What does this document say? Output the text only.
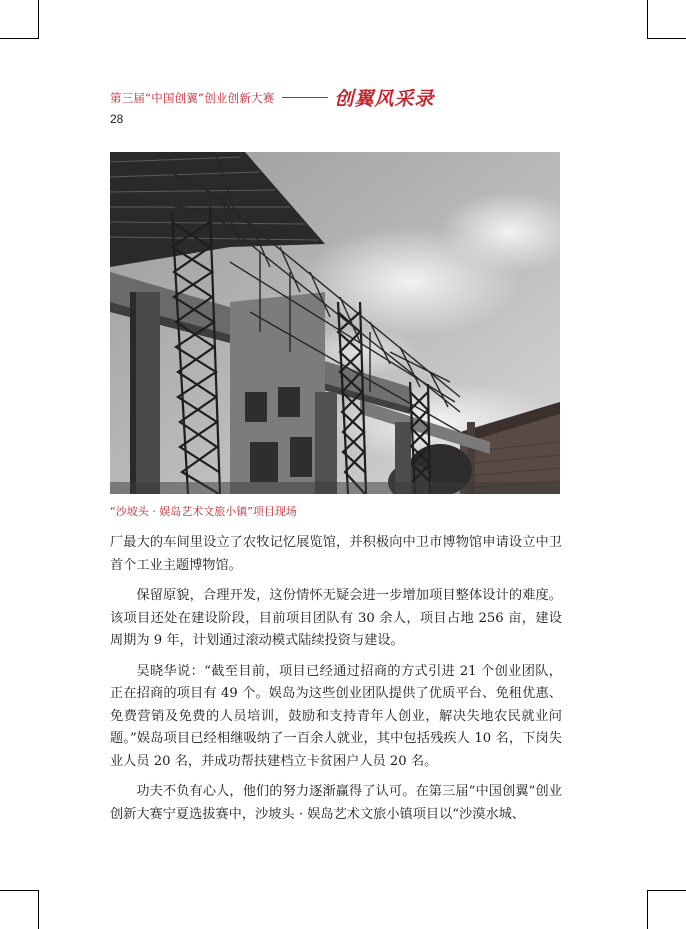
第三届“中国创翼”创业创新大赛	创翼风采录
28
“沙坡头 · 娱岛艺术文旅小镇”项目现场

厂最大的车间里设立了农牧记忆展览馆，并积极向中卫市博物馆申请设立中卫首个工业主题博物馆。

保留原貌，合理开发，这份情怀无疑会进一步增加项目整体设计的难度。该项目还处在建设阶段，目前项目团队有 30 余人，项目占地 256 亩，建设周期为 9 年，计划通过滚动模式陆续投资与建设。

吴晓华说：“截至目前，项目已经通过招商的方式引进 21 个创业团队，正在招商的项目有 49 个。娱岛为这些创业团队提供了优质平台、免租优惠、免费营销及免费的人员培训，鼓励和支持青年人创业，解决失地农民就业问题。”娱岛项目已经相继吸纳了一百余人就业，其中包括残疾人 10 名，下岗失业人员 20 名，并成功帮扶建档立卡贫困户人员 20 名。

功夫不负有心人，他们的努力逐渐赢得了认可。在第三届“中国创翼”创业创新大赛宁夏选拔赛中，沙坡头 · 娱岛艺术文旅小镇项目以“沙漠水城、
